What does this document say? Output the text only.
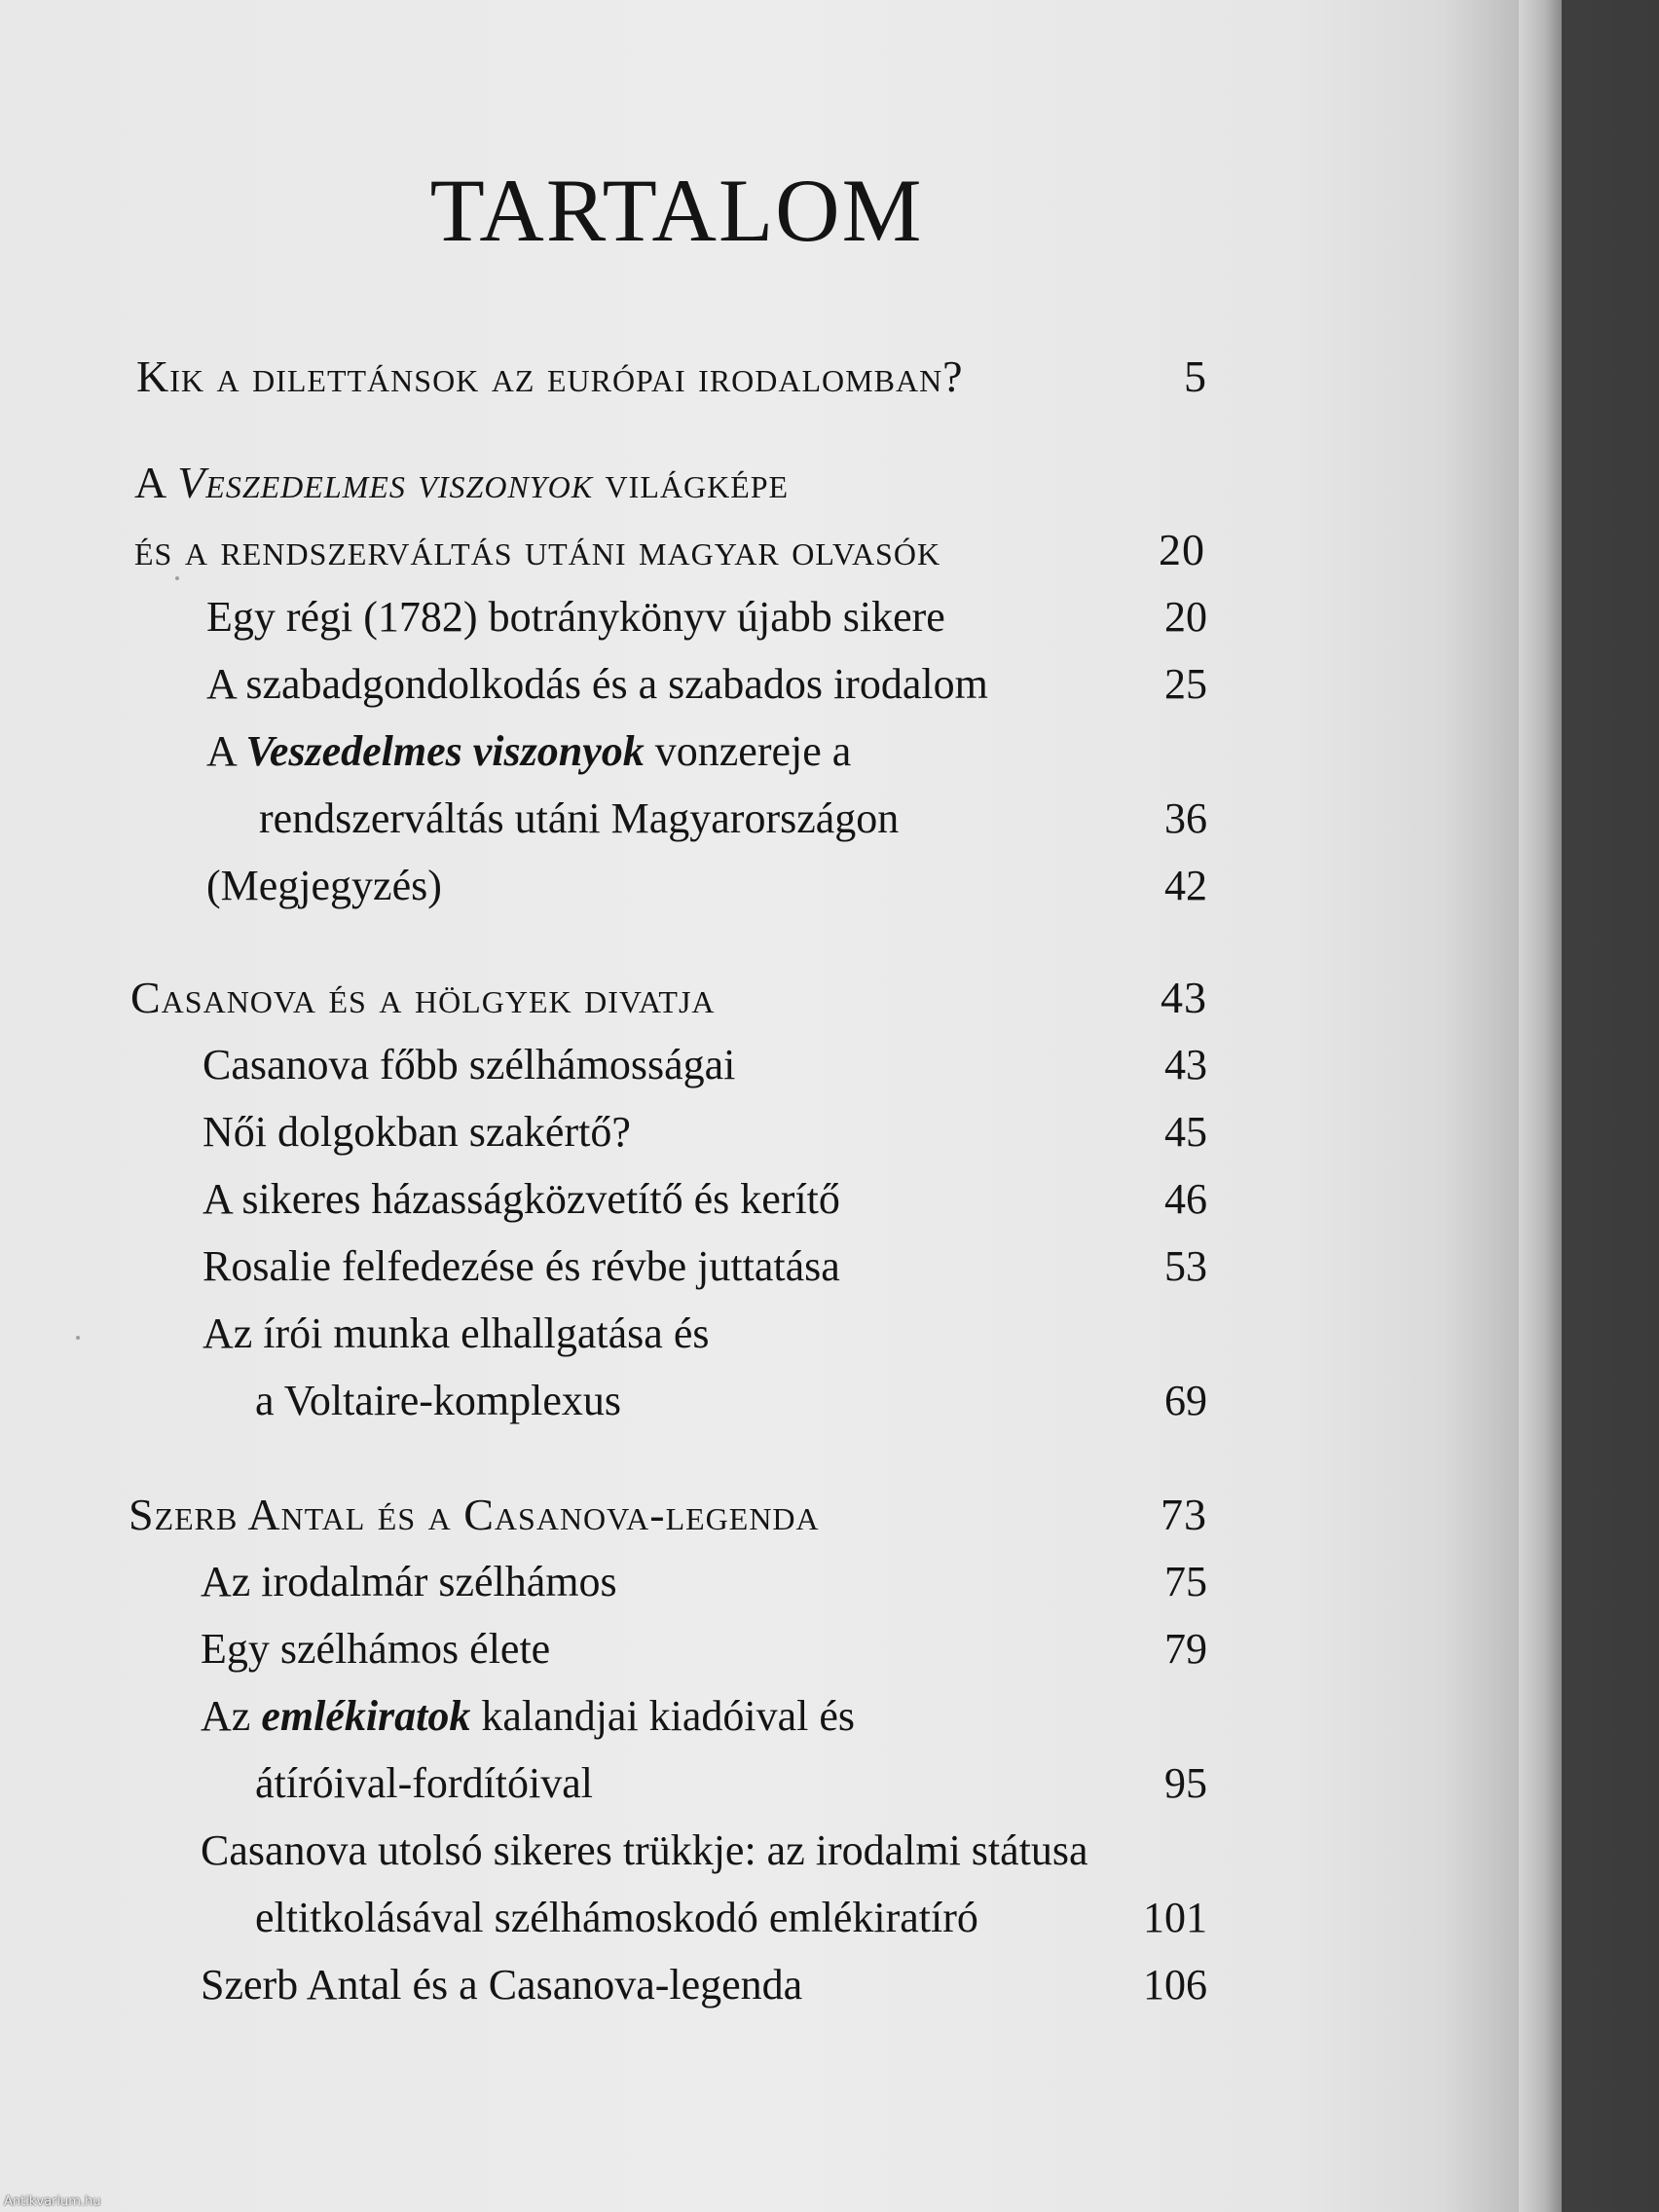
TARTALOM
Kik a dilettánsok az európai irodalomban?	5
A Veszedelmes viszonyok világképe
és a rendszerváltás utáni magyar olvasók	20
Egy régi (1782) botránykönyv újabb sikere	20
A szabadgondolkodás és a szabados irodalom	25
A Veszedelmes viszonyok vonzereje a
rendszerváltás utáni Magyarországon	36
(Megjegyzés)	42
Casanova és a hölgyek divatja	43
Casanova főbb szélhámosságai	43
Női dolgokban szakértő?	45
A sikeres házasságközvetítő és kerítő	46
Rosalie felfedezése és révbe juttatása	53
Az írói munka elhallgatása és
a Voltaire-komplexus	69
Szerb Antal és a Casanova-legenda	73
Az irodalmár szélhámos	75
Egy szélhámos élete	79
Az emlékiratok kalandjai kiadóival és
átíróival-fordítóival	95
Casanova utolsó sikeres trükkje: az irodalmi státusa
eltitkolásával szélhámoskodó emlékiratíró	101
Szerb Antal és a Casanova-legenda	106
Antikvarium.hu
